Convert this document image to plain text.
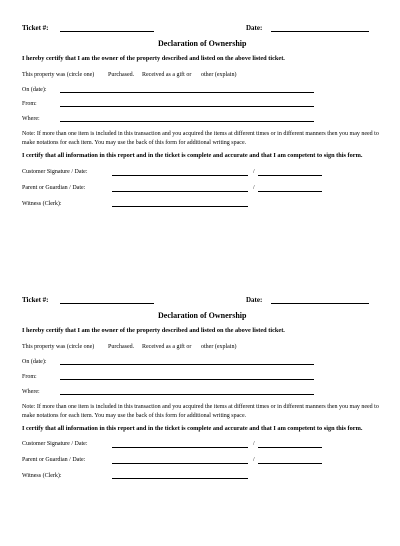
Ticket #:	Date:
Declaration of Ownership
I hereby certify that I am the owner of the property described and listed on the above listed ticket.
This property was (circle one) Purchased. Received as a gift or other (explain)
On (date):
From:
Where:
Note: If more than one item is included in this transaction and you acquired the items at different times or in different manners then you may need to make notations for each item. You may use the back of this form for additional writing space.
I certify that all information in this report and in the ticket is complete and accurate and that I am competent to sign this form.
Customer Signature / Date:	/
Parent or Guardian / Date:	/
Witness (Clerk):
Ticket #:	Date:
Declaration of Ownership
I hereby certify that I am the owner of the property described and listed on the above listed ticket.
This property was (circle one) Purchased. Received as a gift or other (explain)
On (date):
From:
Where:
Note: If more than one item is included in this transaction and you acquired the items at different times or in different manners then you may need to make notations for each item. You may use the back of this form for additional writing space.
I certify that all information in this report and in the ticket is complete and accurate and that I am competent to sign this form.
Customer Signature / Date:	/
Parent or Guardian / Date:	/
Witness (Clerk):
